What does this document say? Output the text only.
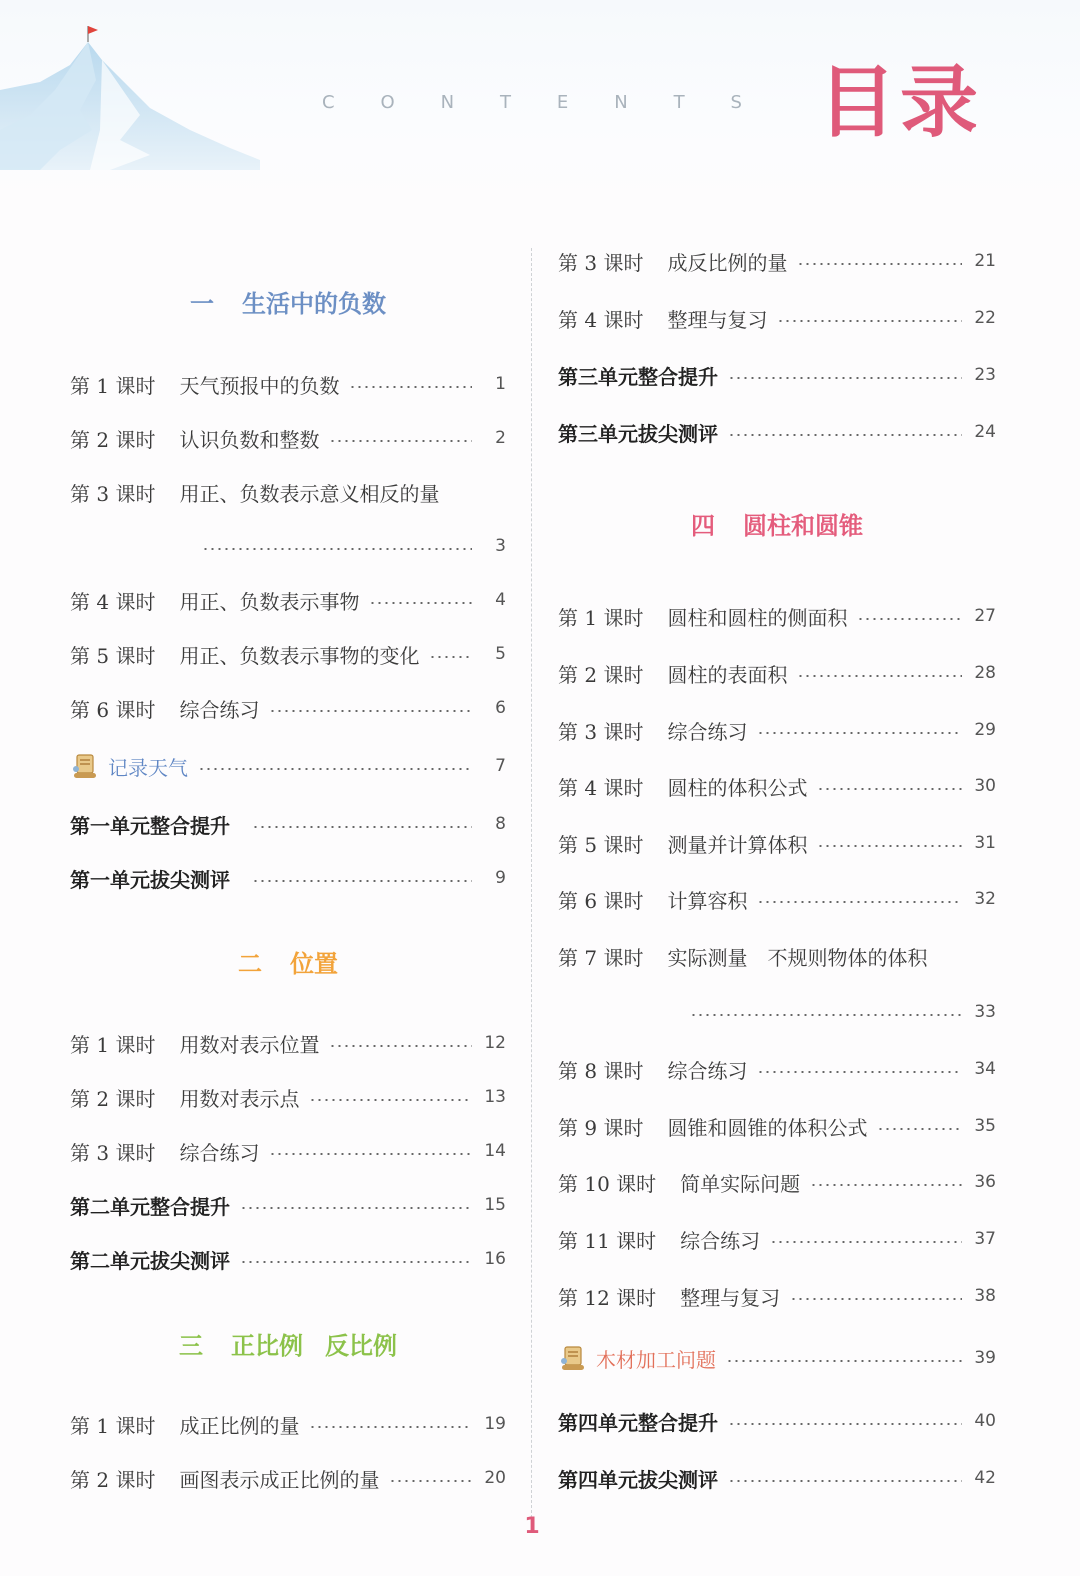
C	O	N	T	E	N	T	S 目录
一 生活中的负数
第 1 课时 天气预报中的负数	1
第 2 课时 认识负数和整数	2
第 3 课时 用正、负数表示意义相反的量
3
第 4 课时 用正、负数表示事物	4
第 5 课时 用正、负数表示事物的变化	5
第 6 课时 综合练习	6
记录天气	7
第一单元整合提升	8
第一单元拔尖测评	9
二 位置
第 1 课时 用数对表示位置	12
第 2 课时 用数对表示点	13
第 3 课时 综合练习	14
第二单元整合提升	15
第二单元拔尖测评	16
三 正比例 反比例
第 1 课时 成正比例的量	19
第 2 课时 画图表示成正比例的量	20
第 3 课时 成反比例的量	21
第 4 课时 整理与复习	22
第三单元整合提升	23
第三单元拔尖测评	24
四 圆柱和圆锥
第 1 课时 圆柱和圆柱的侧面积	27
第 2 课时 圆柱的表面积	28
第 3 课时 综合练习	29
第 4 课时 圆柱的体积公式	30
第 5 课时 测量并计算体积	31
第 6 课时 计算容积	32
第 7 课时 实际测量　不规则物体的体积
33
第 8 课时 综合练习	34
第 9 课时 圆锥和圆锥的体积公式	35
第 10 课时 简单实际问题	36
第 11 课时 综合练习	37
第 12 课时 整理与复习	38
木材加工问题	39
第四单元整合提升	40
第四单元拔尖测评	42
1
